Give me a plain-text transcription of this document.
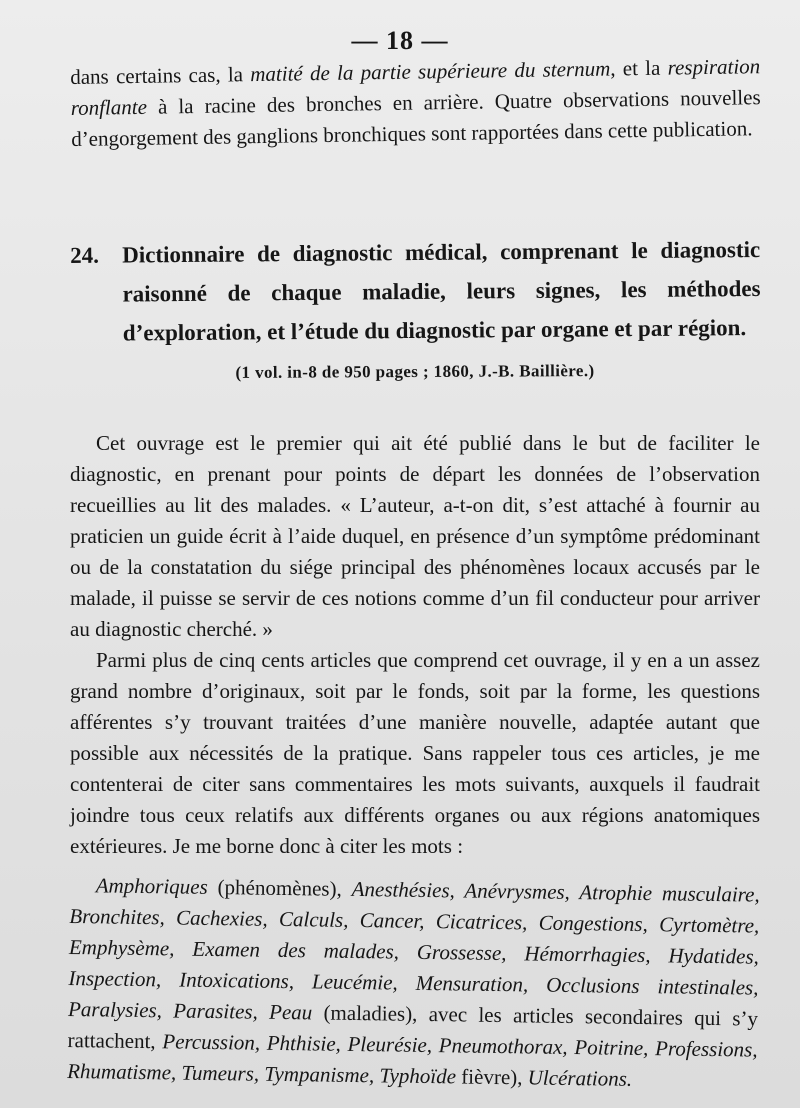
— 18 —

dans certains cas, la matité de la partie supérieure du sternum, et la respiration ronflante à la racine des bronches en arrière. Quatre observations nouvelles d’engorgement des ganglions bronchiques sont rapportées dans cette publication.

24. Dictionnaire de diagnostic médical, comprenant le diagnostic raisonné de chaque maladie, leurs signes, les méthodes d’exploration, et l’étude du diagnostic par organe et par région.

(1 vol. in-8 de 950 pages ; 1860, J.-B. Baillière.)

Cet ouvrage est le premier qui ait été publié dans le but de faciliter le diagnostic, en prenant pour points de départ les données de l’observation recueillies au lit des malades. « L’auteur, a-t-on dit, s’est attaché à fournir au praticien un guide écrit à l’aide duquel, en présence d’un symptôme prédominant ou de la constatation du siége principal des phénomènes locaux accusés par le malade, il puisse se servir de ces notions comme d’un fil conducteur pour arriver au diagnostic cherché. »

Parmi plus de cinq cents articles que comprend cet ouvrage, il y en a un assez grand nombre d’originaux, soit par le fonds, soit par la forme, les questions afférentes s’y trouvant traitées d’une manière nouvelle, adaptée autant que possible aux nécessités de la pratique. Sans rappeler tous ces articles, je me contenterai de citer sans commentaires les mots suivants, auxquels il faudrait joindre tous ceux relatifs aux différents organes ou aux régions anatomiques extérieures. Je me borne donc à citer les mots :

Amphoriques (phénomènes), Anesthésies, Anévrysmes, Atrophie musculaire, Bronchites, Cachexies, Calculs, Cancer, Cicatrices, Congestions, Cyrtomètre, Emphysème, Examen des malades, Grossesse, Hémorrhagies, Hydatides, Inspection, Intoxications, Leucémie, Mensuration, Occlusions intestinales, Paralysies, Parasites, Peau (maladies), avec les articles secondaires qui s’y rattachent, Percussion, Phthisie, Pleurésie, Pneumothorax, Poitrine, Professions, Rhumatisme, Tumeurs, Tympanisme, Typhoïde fièvre), Ulcérations.
